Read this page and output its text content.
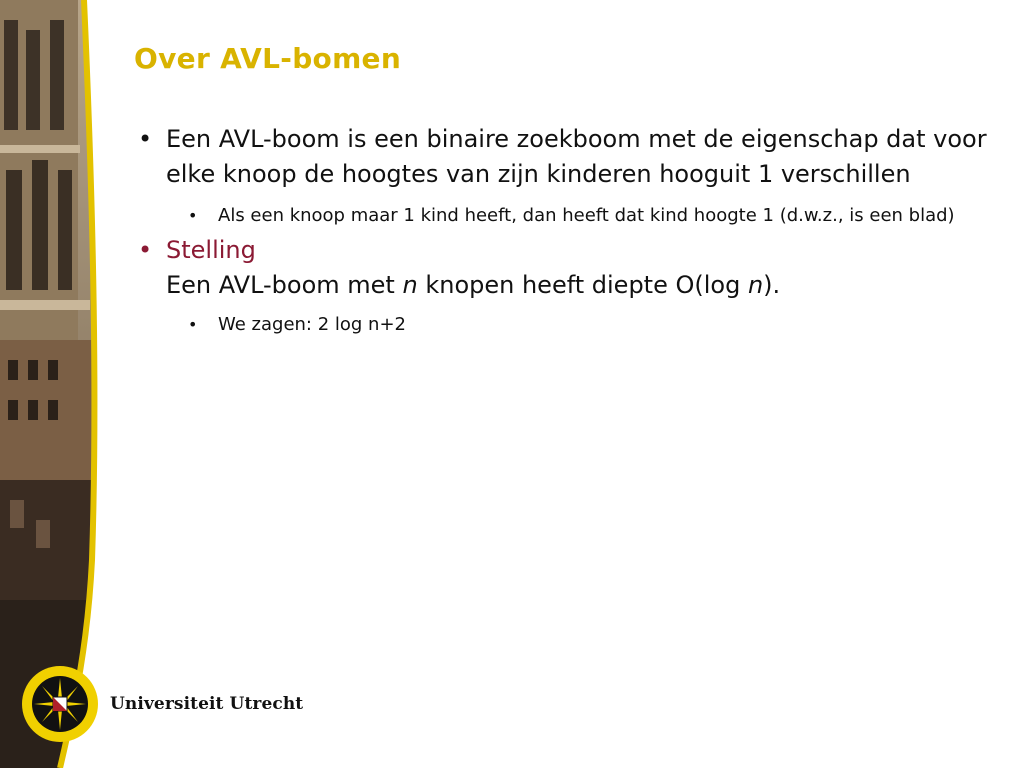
Over AVL-bomen
• Een AVL-boom is een binaire zoekboom met de eigenschap dat voor elke knoop de hoogtes van zijn kinderen hooguit 1 verschillen
• Als een knoop maar 1 kind heeft, dan heeft dat kind hoogte 1 (d.w.z., is een blad)
• Stelling
Een AVL-boom met n knopen heeft diepte O(log n).
• We zagen: 2 log n+2
Universiteit Utrecht
